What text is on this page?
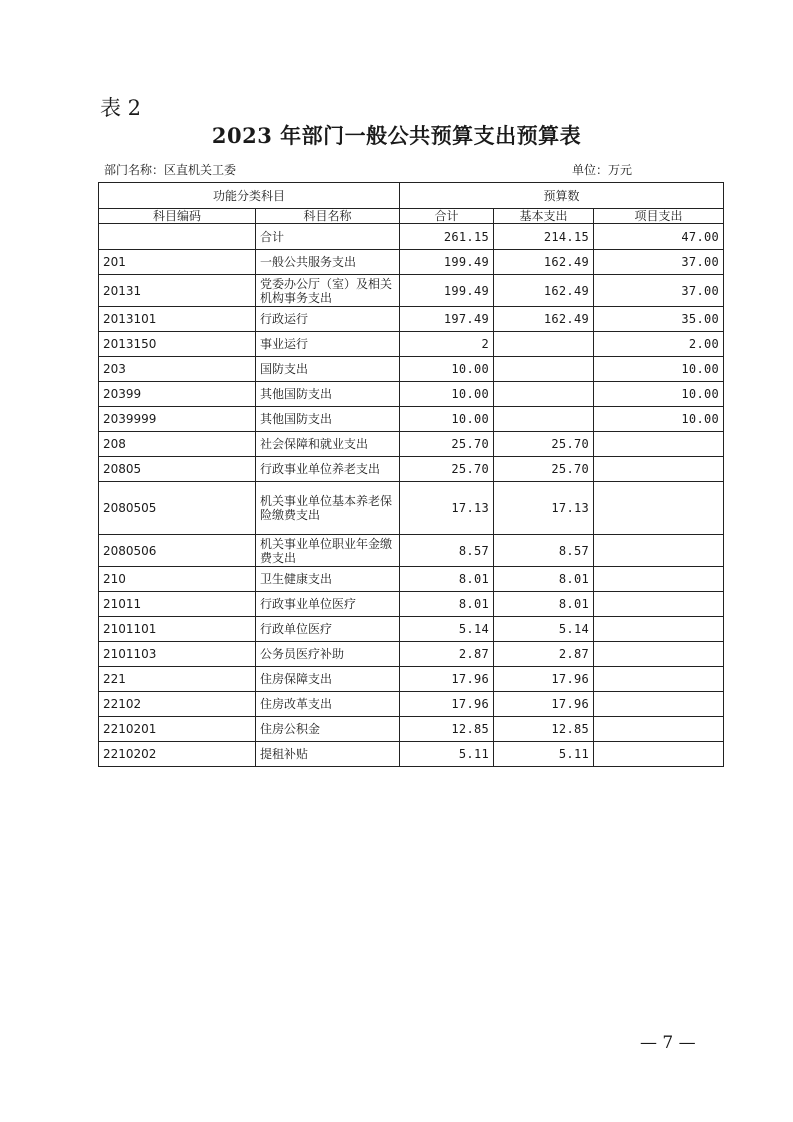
表 2
2023 年部门一般公共预算支出预算表
部门名称：区直机关工委	单位：万元
功能分类科目		预算数		
科目编码	科目名称	合计	基本支出	项目支出
	合计	261.15	214.15	47.00
201	一般公共服务支出	199.49	162.49	37.00
20131	党委办公厅（室）及相关机构事务支出	199.49	162.49	37.00
2013101	行政运行	197.49	162.49	35.00
2013150	事业运行	2		2.00
203	国防支出	10.00		10.00
20399	其他国防支出	10.00		10.00
2039999	其他国防支出	10.00		10.00
208	社会保障和就业支出	25.70	25.70	
20805	行政事业单位养老支出	25.70	25.70	
2080505	机关事业单位基本养老保险缴费支出	17.13	17.13	
2080506	机关事业单位职业年金缴费支出	8.57	8.57	
210	卫生健康支出	8.01	8.01	
21011	行政事业单位医疗	8.01	8.01	
2101101	行政单位医疗	5.14	5.14	
2101103	公务员医疗补助	2.87	2.87	
221	住房保障支出	17.96	17.96	
22102	住房改革支出	17.96	17.96	
2210201	住房公积金	12.85	12.85	
2210202	提租补贴	5.11	5.11	
— 7 —
